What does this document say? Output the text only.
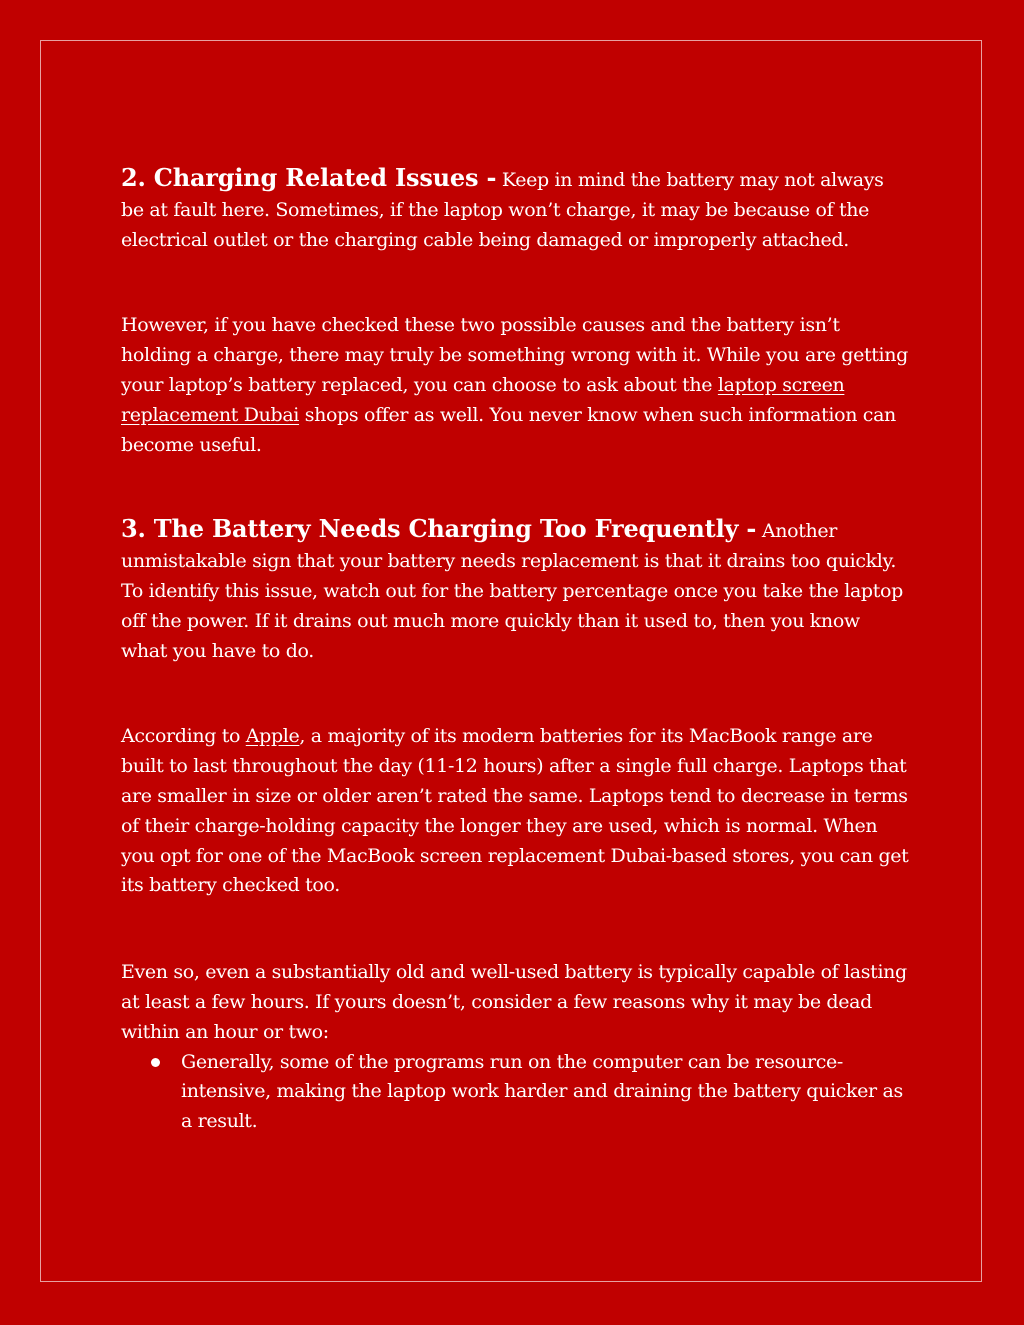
2. Charging Related Issues - Keep in mind the battery may not always be at fault here. Sometimes, if the laptop won’t charge, it may be because of the electrical outlet or the charging cable being damaged or improperly attached.

However, if you have checked these two possible causes and the battery isn’t holding a charge, there may truly be something wrong with it. While you are getting your laptop’s battery replaced, you can choose to ask about the laptop screen replacement Dubai shops offer as well. You never know when such information can become useful.

3. The Battery Needs Charging Too Frequently - Another unmistakable sign that your battery needs replacement is that it drains too quickly. To identify this issue, watch out for the battery percentage once you take the laptop off the power. If it drains out much more quickly than it used to, then you know what you have to do.

According to Apple, a majority of its modern batteries for its MacBook range are built to last throughout the day (11-12 hours) after a single full charge. Laptops that are smaller in size or older aren’t rated the same. Laptops tend to decrease in terms of their charge-holding capacity the longer they are used, which is normal. When you opt for one of the MacBook screen replacement Dubai-based stores, you can get its battery checked too.

Even so, even a substantially old and well-used battery is typically capable of lasting at least a few hours. If yours doesn’t, consider a few reasons why it may be dead within an hour or two:

Generally, some of the programs run on the computer can be resource-intensive, making the laptop work harder and draining the battery quicker as a result.
